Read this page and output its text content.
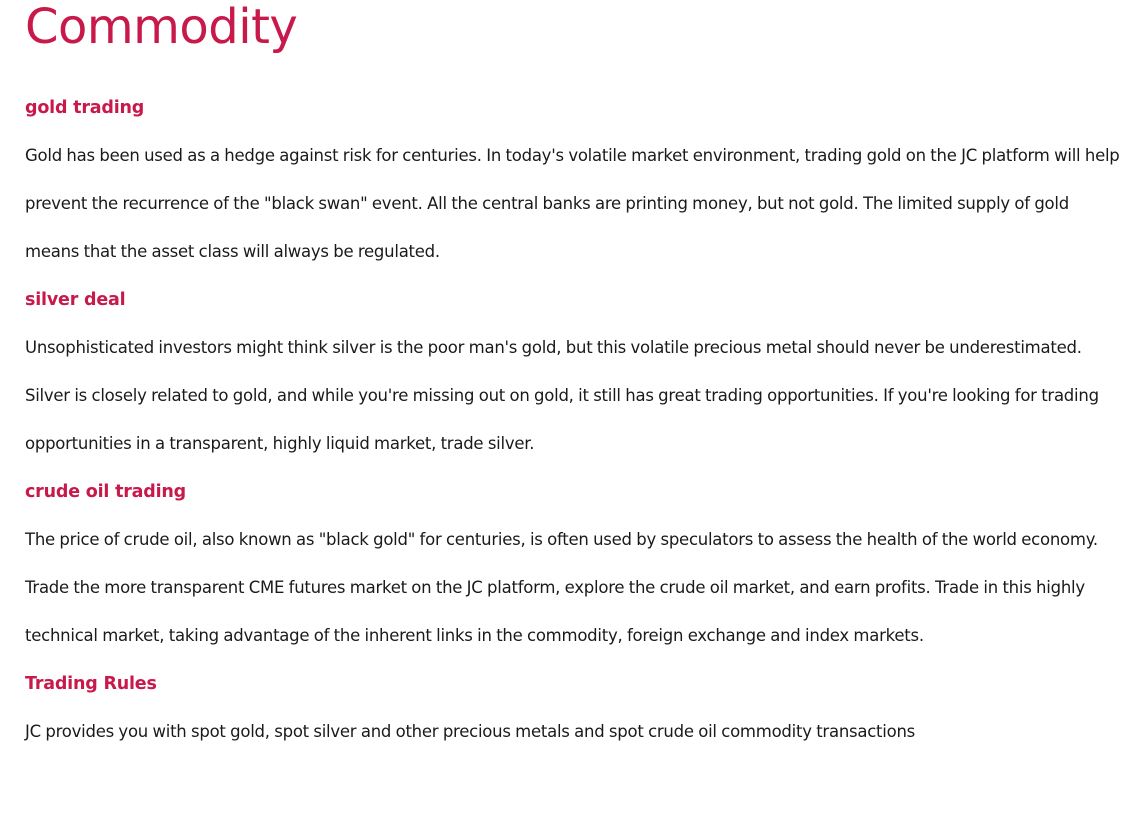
Commodity
gold trading

Gold has been used as a hedge against risk for centuries. In today's volatile market environment, trading gold on the JC platform will help prevent the recurrence of the "black swan" event. All the central banks are printing money, but not gold. The limited supply of gold means that the asset class will always be regulated.

silver deal

Unsophisticated investors might think silver is the poor man's gold, but this volatile precious metal should never be underestimated. Silver is closely related to gold, and while you're missing out on gold, it still has great trading opportunities. If you're looking for trading opportunities in a transparent, highly liquid market, trade silver.

crude oil trading

The price of crude oil, also known as "black gold" for centuries, is often used by speculators to assess the health of the world economy. Trade the more transparent CME futures market on the JC platform, explore the crude oil market, and earn profits. Trade in this highly technical market, taking advantage of the inherent links in the commodity, foreign exchange and index markets.

Trading Rules

JC provides you with spot gold, spot silver and other precious metals and spot crude oil commodity transactions
